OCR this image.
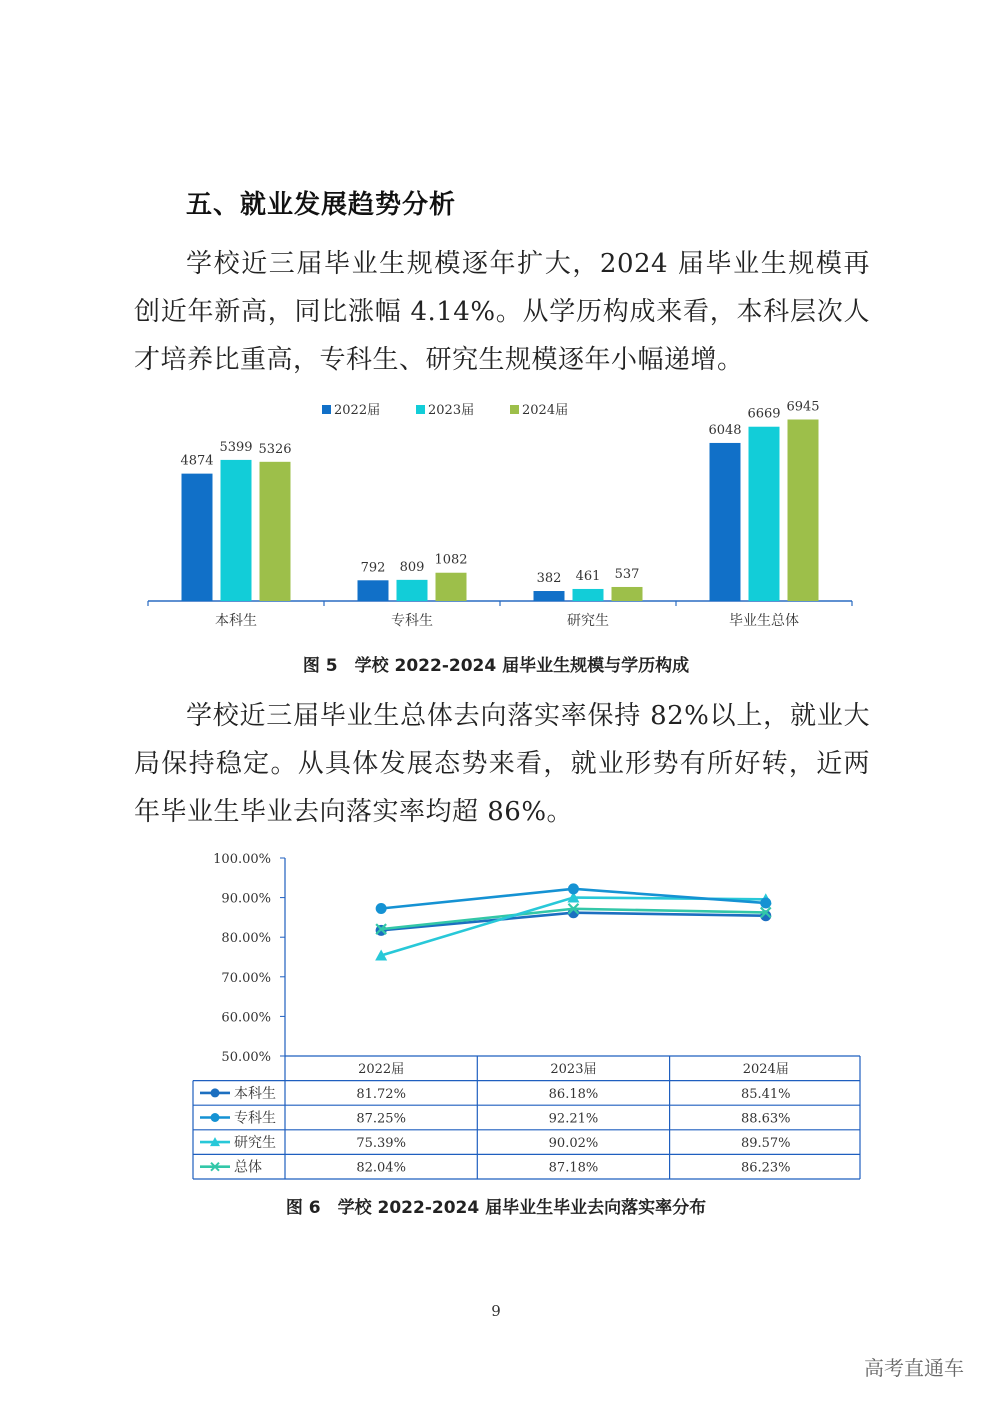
五、就业发展趋势分析
学校近三届毕业生规模逐年扩大，2024 届毕业生规模再创近年新高，同比涨幅 4.14%。从学历构成来看，本科层次人才培养比重高，专科生、研究生规模逐年小幅递增。
2022届	2023届	2024届
4874
5399 5326
本科生
792 809 1082
专科生
382 461 537
研究生
6048
6669 6945
毕业生总体
图 5　学校 2022-2024 届毕业生规模与学历构成
学校近三届毕业生总体去向落实率保持 82%以上，就业大局保持稳定。从具体发展态势来看，就业形势有所好转，近两年毕业生毕业去向落实率均超 86%。
100.00%
90.00%
80.00%
70.00%
60.00%
50.00%
2022届	2023届	2024届
本科生	81.72%	86.18%	85.41%
专科生	87.25%	92.21%	88.63%
研究生	75.39%	90.02%	89.57%
总体	82.04%	87.18%	86.23%
图 6　学校 2022-2024 届毕业生毕业去向落实率分布
9
高考直通车
